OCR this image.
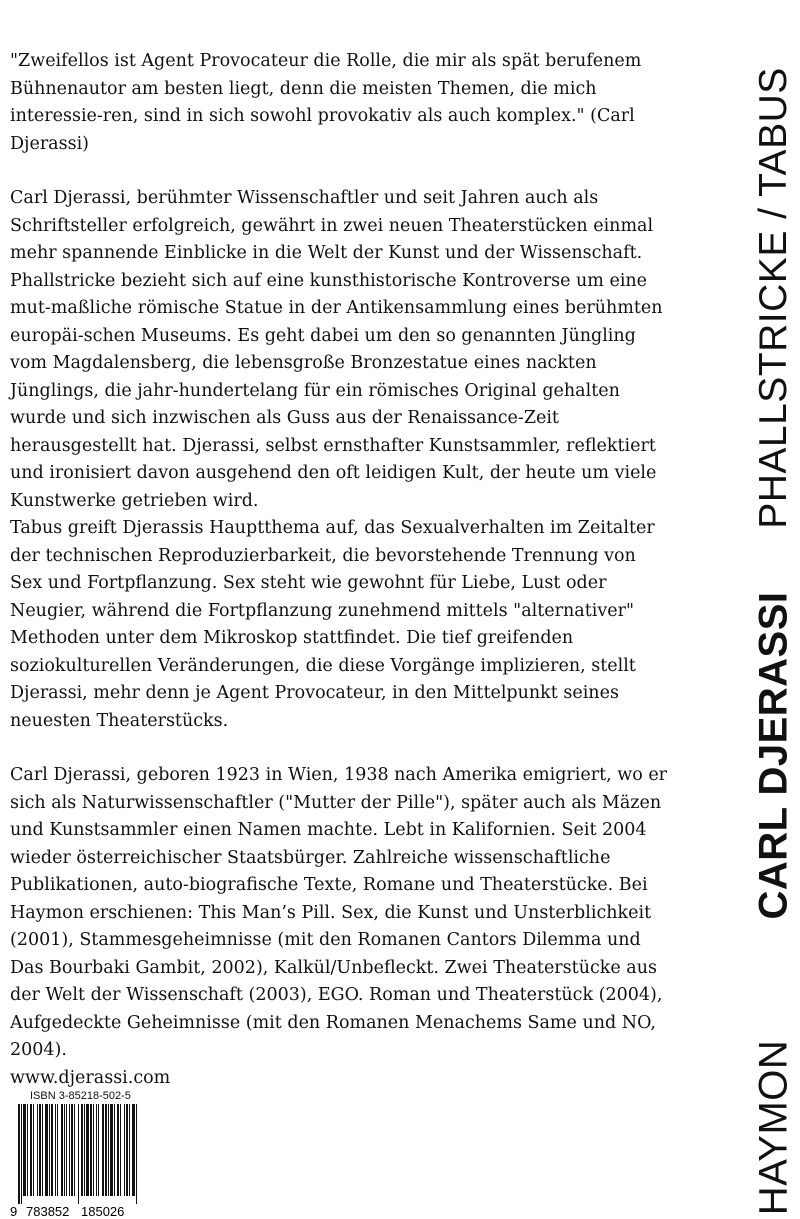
"Zweifellos ist Agent Provocateur die Rolle, die mir als spät berufenem Bühnenautor am besten liegt, denn die meisten Themen, die mich interessie-ren, sind in sich sowohl provokativ als auch komplex." (Carl Djerassi)

Carl Djerassi, berühmter Wissenschaftler und seit Jahren auch als Schriftsteller erfolgreich, gewährt in zwei neuen Theaterstücken einmal mehr spannende Einblicke in die Welt der Kunst und der Wissenschaft.

Phallstricke bezieht sich auf eine kunsthistorische Kontroverse um eine mut-maßliche römische Statue in der Antikensammlung eines berühmten europäi-schen Museums. Es geht dabei um den so genannten Jüngling vom Magdalensberg, die lebensgroße Bronzestatue eines nackten Jünglings, die jahr-hundertelang für ein römisches Original gehalten wurde und sich inzwischen als Guss aus der Renaissance-Zeit herausgestellt hat. Djerassi, selbst ernsthafter Kunstsammler, reflektiert und ironisiert davon ausgehend den oft leidigen Kult, der heute um viele Kunstwerke getrieben wird.

Tabus greift Djerassis Hauptthema auf, das Sexualverhalten im Zeitalter der technischen Reproduzierbarkeit, die bevorstehende Trennung von Sex und Fortpflanzung. Sex steht wie gewohnt für Liebe, Lust oder Neugier, während die Fortpflanzung zunehmend mittels "alternativer" Methoden unter dem Mikroskop stattfindet. Die tief greifenden soziokulturellen Veränderungen, die diese Vorgänge implizieren, stellt Djerassi, mehr denn je Agent Provocateur, in den Mittelpunkt seines neuesten Theaterstücks.

Carl Djerassi, geboren 1923 in Wien, 1938 nach Amerika emigriert, wo er sich als Naturwissenschaftler ("Mutter der Pille"), später auch als Mäzen und Kunstsammler einen Namen machte. Lebt in Kalifornien. Seit 2004 wieder österreichischer Staatsbürger. Zahlreiche wissenschaftliche Publikationen, auto-biografische Texte, Romane und Theaterstücke. Bei Haymon erschienen: This Man’s Pill. Sex, die Kunst und Unsterblichkeit (2001), Stammesgeheimnisse (mit den Romanen Cantors Dilemma und Das Bourbaki Gambit, 2002), Kalkül/Unbefleckt. Zwei Theaterstücke aus der Welt der Wissenschaft (2003), EGO. Roman und Theaterstück (2004), Aufgedeckte Geheimnisse (mit den Romanen Menachems Same und NO, 2004).

www.djerassi.com

PHALLSTRICKE / TABUS
CARL DJERASSI
HAYMON
ISBN 3-85218-502-5
9 783852 185026
